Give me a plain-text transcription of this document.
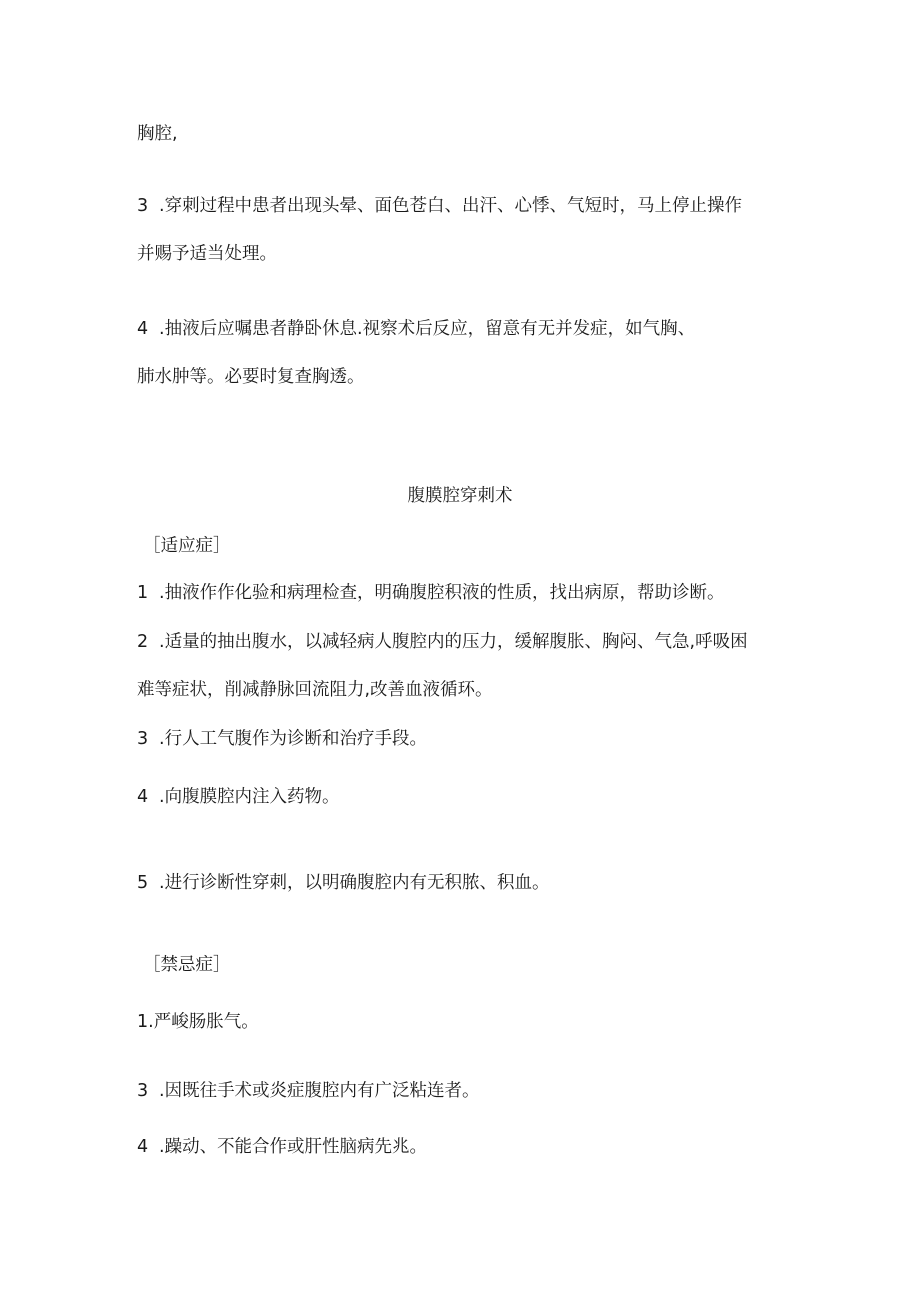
胸腔,
3 .穿刺过程中患者出现头晕、面色苍白、出汗、心悸、气短时，马上停止操作
并赐予适当处理。
4 .抽液后应嘱患者静卧休息.视察术后反应，留意有无并发症，如气胸、
肺水肿等。必要时复查胸透。
腹膜腔穿刺术
［适应症］
1 .抽液作作化验和病理检查，明确腹腔积液的性质，找出病原，帮助诊断。
2 .适量的抽出腹水，以减轻病人腹腔内的压力，缓解腹胀、胸闷、气急,呼吸困
难等症状，削减静脉回流阻力,改善血液循环。
3 .行人工气腹作为诊断和治疗手段。
4 .向腹膜腔内注入药物。
5 .进行诊断性穿刺，以明确腹腔内有无积脓、积血。
［禁忌症］
1.严峻肠胀气。
3 .因既往手术或炎症腹腔内有广泛粘连者。
4 .躁动、不能合作或肝性脑病先兆。
